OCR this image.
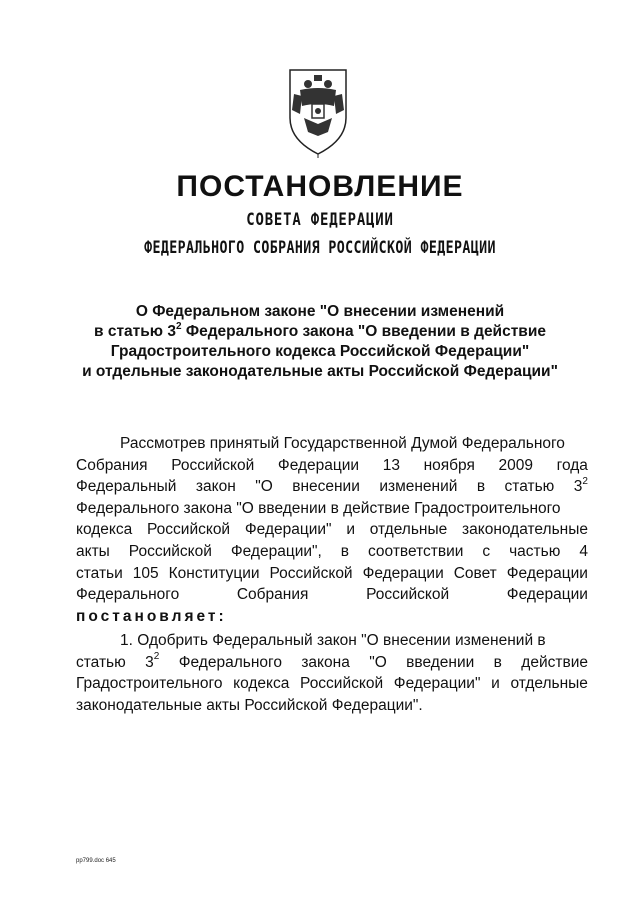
ПОСТАНОВЛЕНИЕ
СОВЕТА ФЕДЕРАЦИИ
ФЕДЕРАЛЬНОГО СОБРАНИЯ РОССИЙСКОЙ ФЕДЕРАЦИИ
О Федеральном законе "О внесении изменений
в статью $3^2$ Федерального закона "О введении в действие
Градостроительного кодекса Российской Федерации"
и отдельные законодательные акты Российской Федерации"
Рассмотрев принятый Государственной Думой Федерального
Собрания Российской Федерации 13 ноября 2009 года
Федеральный закон "О внесении изменений в статью $3^2$
Федерального закона "О введении в действие Градостроительного
кодекса Российской Федерации" и отдельные законодательные
акты Российской Федерации", в соответствии с частью 4
статьи 105 Конституции Российской Федерации Совет Федерации
Федерального	Собрания	Российской	Федерации
постановляет:
1. Одобрить Федеральный закон "О внесении изменений в
статью $3^2$ Федерального закона "О введении в действие
Градостроительного кодекса Российской Федерации" и отдельные
законодательные акты Российской Федерации".
pp799.doc 645
